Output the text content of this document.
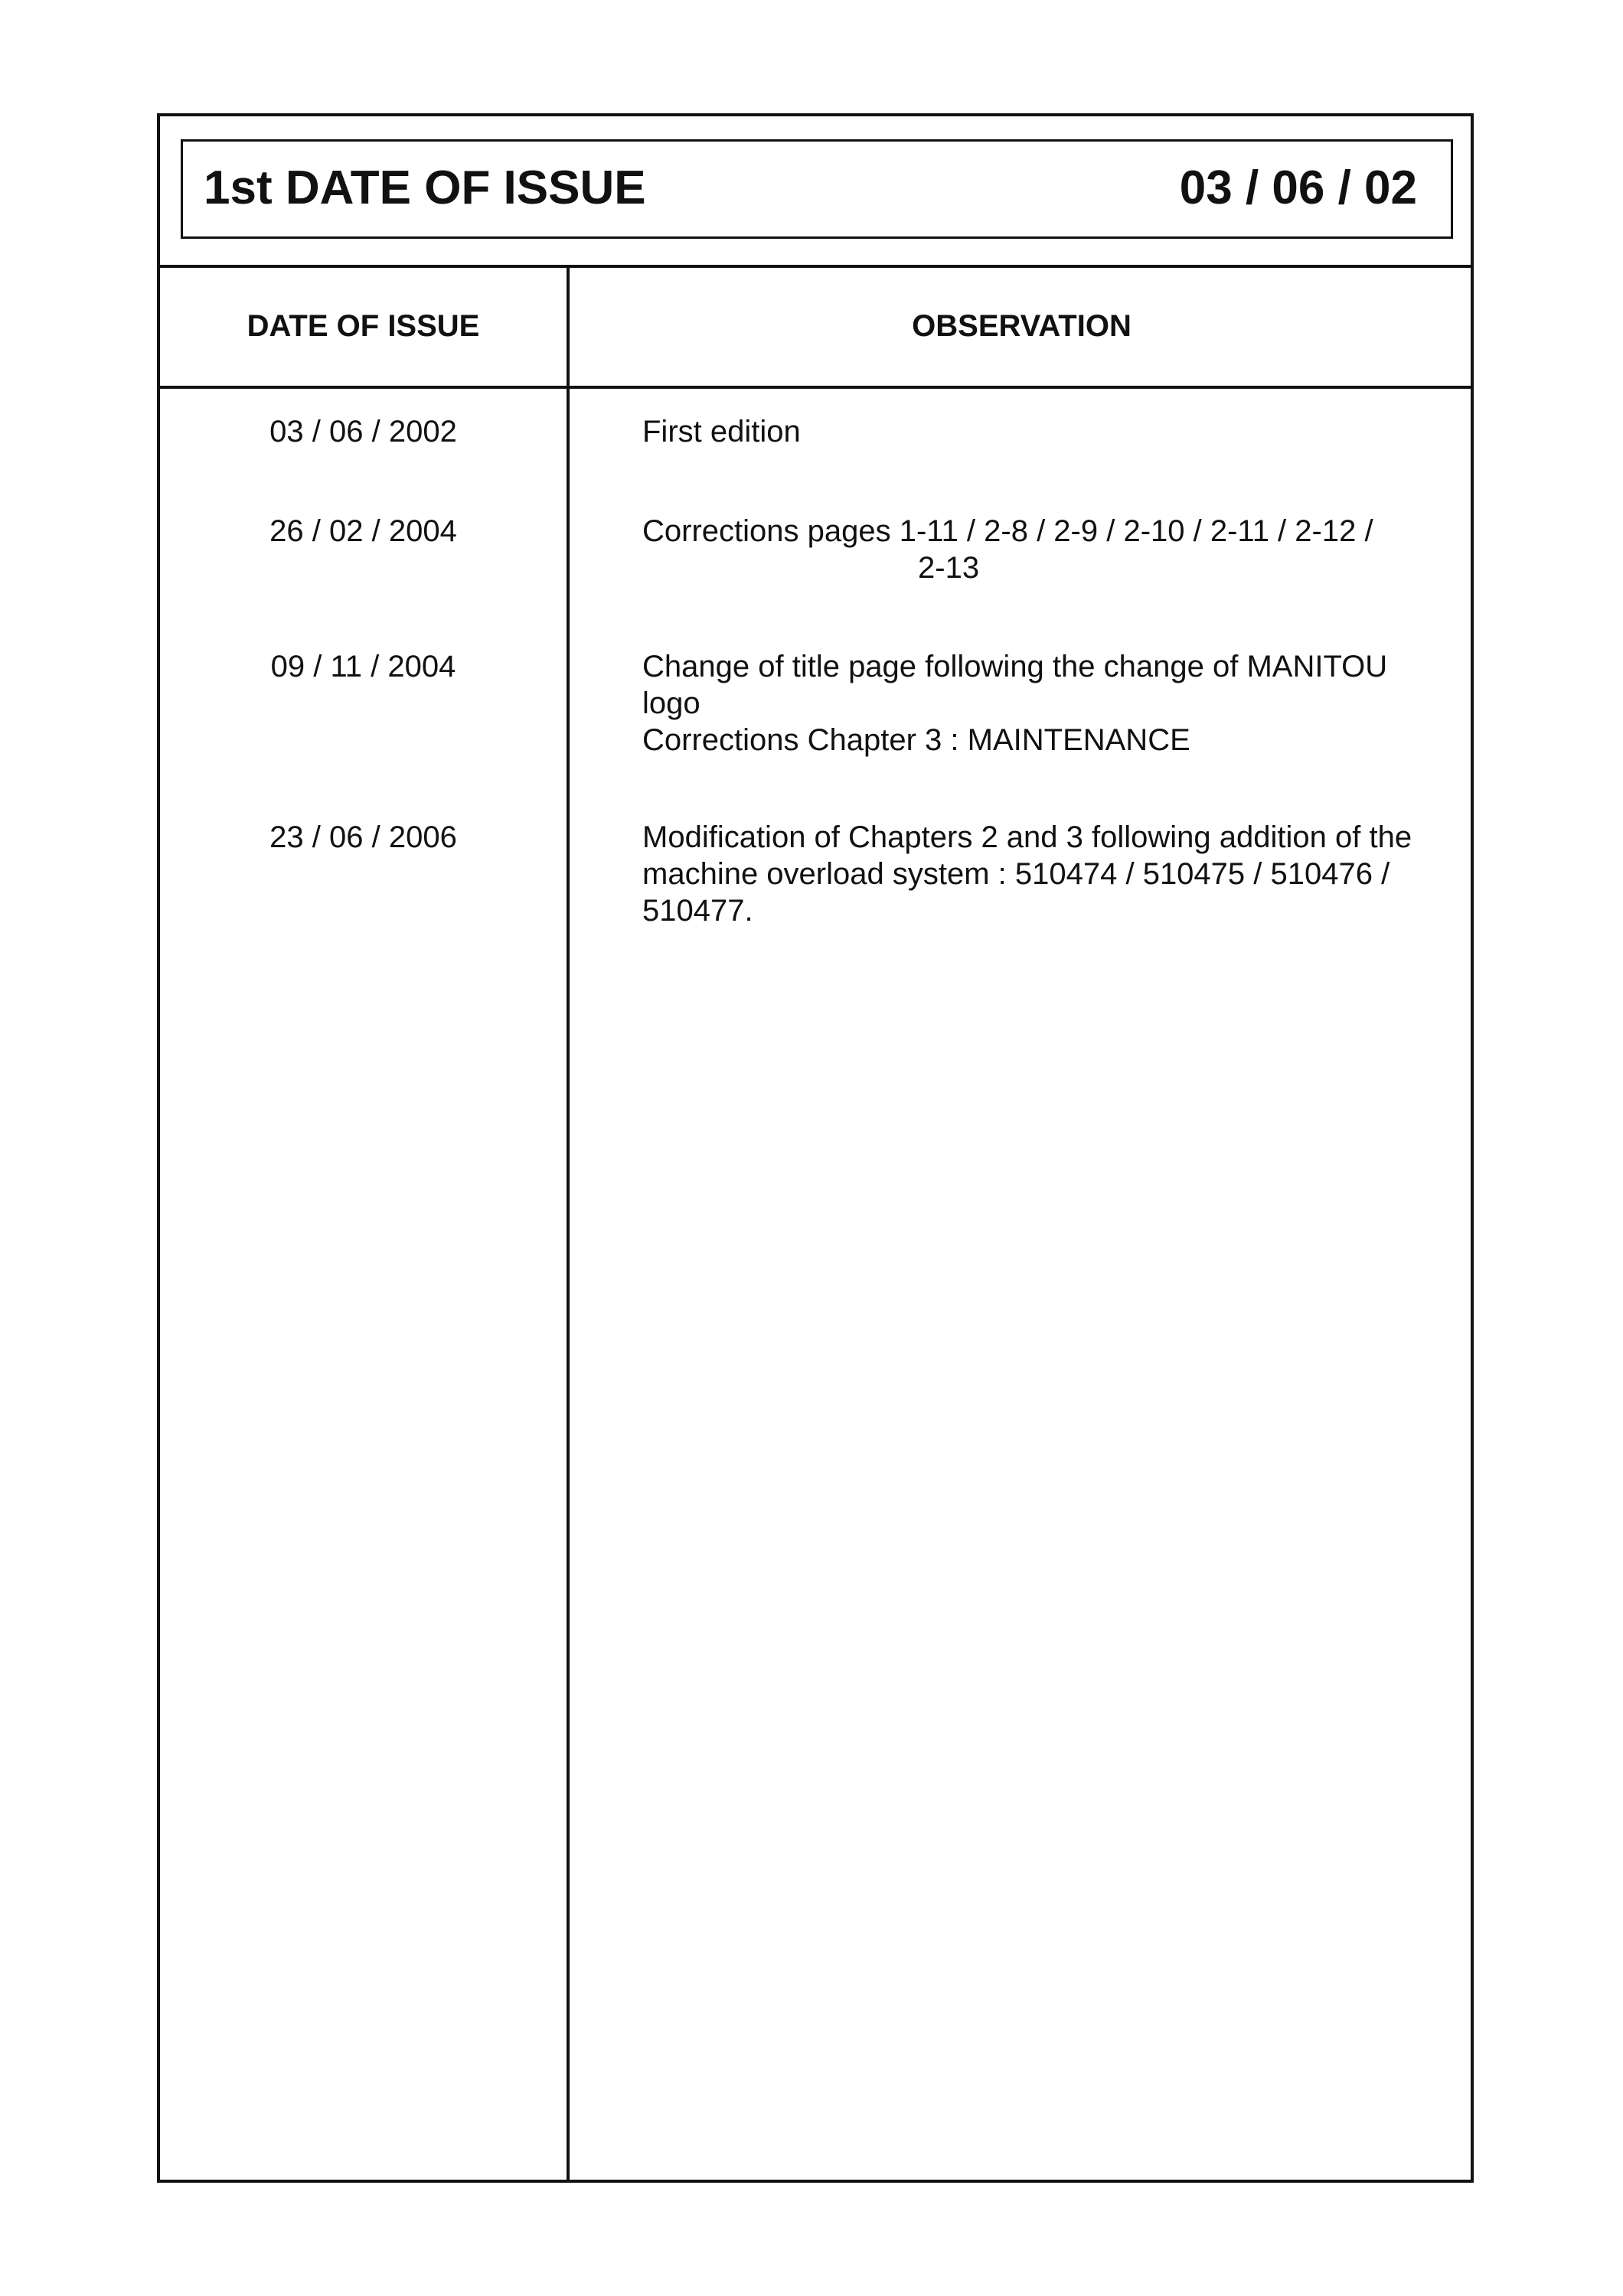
1st DATE OF ISSUE	03 / 06 / 02
DATE OF ISSUE	OBSERVATION
03 / 06 / 2002	First edition
26 / 02 / 2004	Corrections pages 1-11 / 2-8 / 2-9 / 2-10 / 2-11 / 2-12 /
2-13
09 / 11 / 2004	Change of title page following the change of MANITOU
logo
Corrections Chapter 3 : MAINTENANCE
23 / 06 / 2006	Modification of Chapters 2 and 3 following addition of the
machine overload system : 510474 / 510475 / 510476 /
510477.
